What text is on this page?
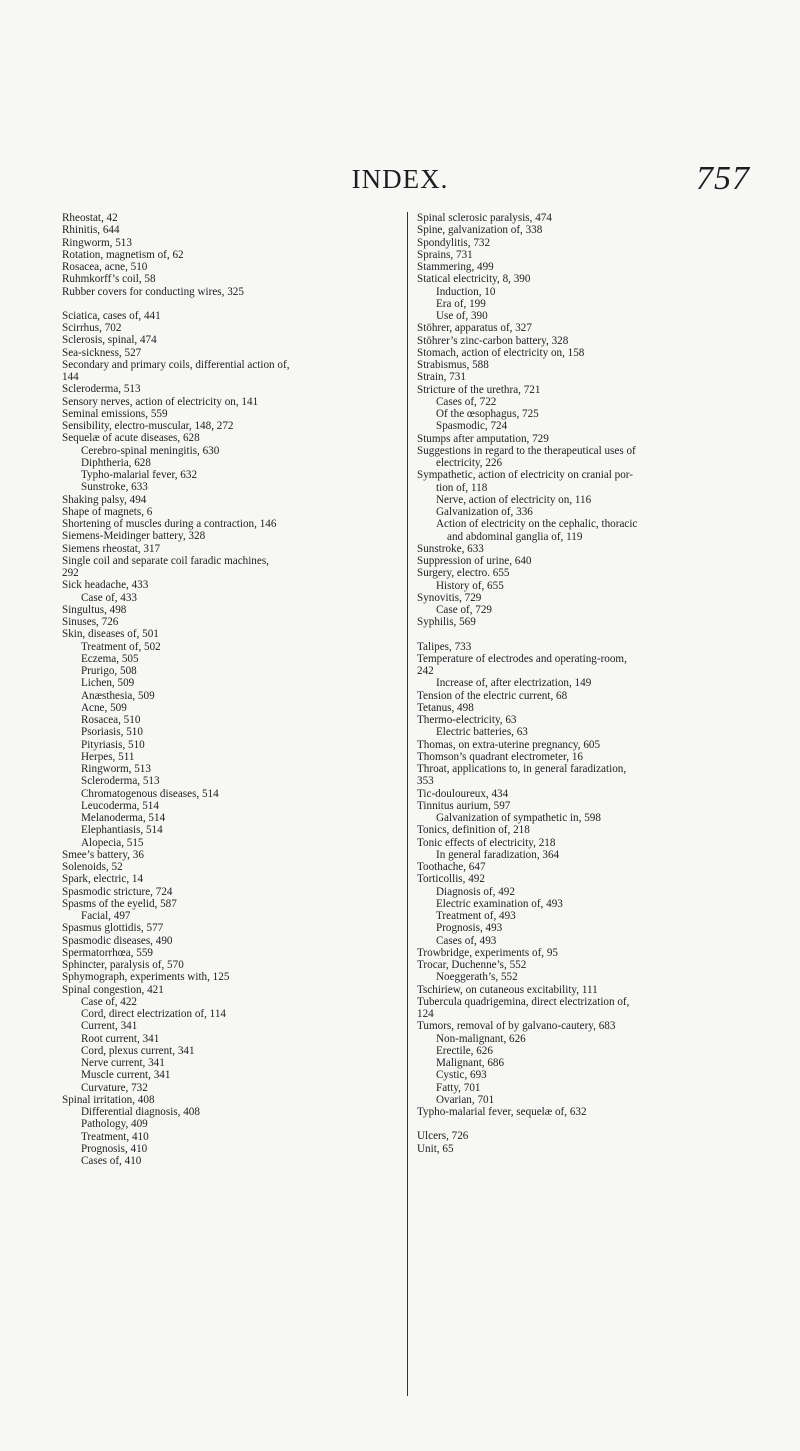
INDEX.	757
Rheostat, 42
Rhinitis, 644
Ringworm, 513
Rotation, magnetism of, 62
Rosacea, acne, 510
Ruhmkorff’s coil, 58
Rubber covers for conducting wires, 325
Sciatica, cases of, 441
Scirrhus, 702
Sclerosis, spinal, 474
Sea-sickness, 527
Secondary and primary coils, differential action of,
144
Scleroderma, 513
Sensory nerves, action of electricity on, 141
Seminal emissions, 559
Sensibility, electro-muscular, 148, 272
Sequelæ of acute diseases, 628
Cerebro-spinal meningitis, 630
Diphtheria, 628
Typho-malarial fever, 632
Sunstroke, 633
Shaking palsy, 494
Shape of magnets, 6
Shortening of muscles during a contraction, 146
Siemens-Meidinger battery, 328
Siemens rheostat, 317
Single coil and separate coil faradic machines,
292
Sick headache, 433
Case of, 433
Singultus, 498
Sinuses, 726
Skin, diseases of, 501
Treatment of, 502
Eczema, 505
Prurigo, 508
Lichen, 509
Anæsthesia, 509
Acne, 509
Rosacea, 510
Psoriasis, 510
Pityriasis, 510
Herpes, 511
Ringworm, 513
Scleroderma, 513
Chromatogenous diseases, 514
Leucoderma, 514
Melanoderma, 514
Elephantiasis, 514
Alopecia, 515
Smee’s battery, 36
Solenoids, 52
Spark, electric, 14
Spasmodic stricture, 724
Spasms of the eyelid, 587
Facial, 497
Spasmus glottidis, 577
Spasmodic diseases, 490
Spermatorrhœa, 559
Sphincter, paralysis of, 570
Sphymograph, experiments with, 125
Spinal congestion, 421
Case of, 422
Cord, direct electrization of, 114
Current, 341
Root current, 341
Cord, plexus current, 341
Nerve current, 341
Muscle current, 341
Curvature, 732
Spinal irritation, 408
Differential diagnosis, 408
Pathology, 409
Treatment, 410
Prognosis, 410
Cases of, 410
Spinal sclerosic paralysis, 474
Spine, galvanization of, 338
Spondylitis, 732
Sprains, 731
Stammering, 499
Statical electricity, 8, 390
Induction, 10
Era of, 199
Use of, 390
Stöhrer, apparatus of, 327
Stöhrer’s zinc-carbon battery, 328
Stomach, action of electricity on, 158
Strabismus, 588
Strain, 731
Stricture of the urethra, 721
Cases of, 722
Of the œsophagus, 725
Spasmodic, 724
Stumps after amputation, 729
Suggestions in regard to the therapeutical uses of
electricity, 226
Sympathetic, action of electricity on cranial por-
tion of, 118
Nerve, action of electricity on, 116
Galvanization of, 336
Action of electricity on the cephalic, thoracic
and abdominal ganglia of, 119
Sunstroke, 633
Suppression of urine, 640
Surgery, electro. 655
History of, 655
Synovitis, 729
Case of, 729
Syphilis, 569
Talipes, 733
Temperature of electrodes and operating-room,
242
Increase of, after electrization, 149
Tension of the electric current, 68
Tetanus, 498
Thermo-electricity, 63
Electric batteries, 63
Thomas, on extra-uterine pregnancy, 605
Thomson’s quadrant electrometer, 16
Throat, applications to, in general faradization,
353
Tic-douloureux, 434
Tinnitus aurium, 597
Galvanization of sympathetic in, 598
Tonics, definition of, 218
Tonic effects of electricity, 218
In general faradization, 364
Toothache, 647
Torticollis, 492
Diagnosis of, 492
Electric examination of, 493
Treatment of, 493
Prognosis, 493
Cases of, 493
Trowbridge, experiments of, 95
Trocar, Duchenne’s, 552
Noeggerath’s, 552
Tschiriew, on cutaneous excitability, 111
Tubercula quadrigemina, direct electrization of,
124
Tumors, removal of by galvano-cautery, 683
Non-malignant, 626
Erectile, 626
Malignant, 686
Cystic, 693
Fatty, 701
Ovarian, 701
Typho-malarial fever, sequelæ of, 632
Ulcers, 726
Unit, 65
